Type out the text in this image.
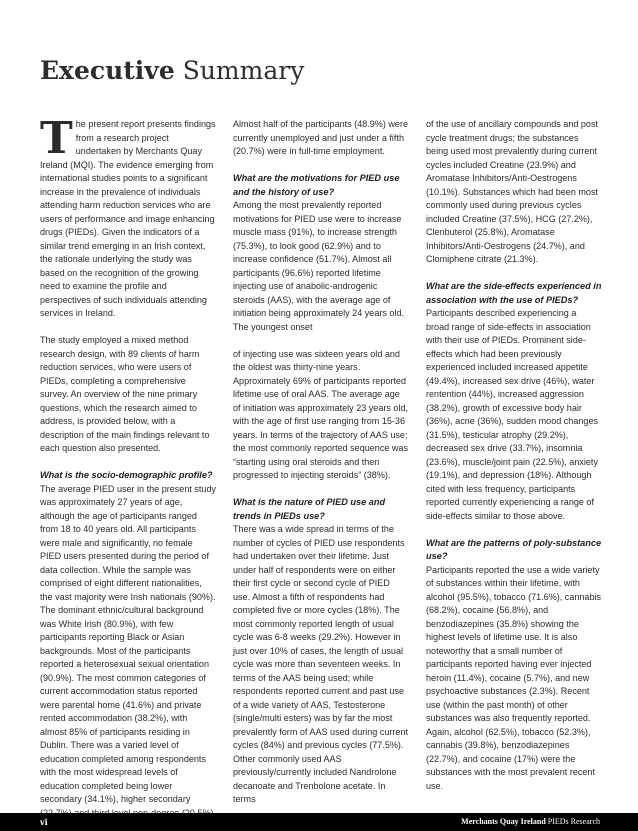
Executive Summary

The present report presents findings from a research project undertaken by Merchants Quay Ireland (MQI). The evidence emerging from international studies points to a significant increase in the prevalence of individuals attending harm reduction services who are users of performance and image enhancing drugs (PIEDs). Given the indicators of a similar trend emerging in an Irish context, the rationale underlying the study was based on the recognition of the growing need to examine the profile and perspectives of such individuals attending services in Ireland.

The study employed a mixed method research design, with 89 clients of harm reduction services, who were users of PIEDs, completing a comprehensive survey. An overview of the nine primary questions, which the research aimed to address, is provided below, with a description of the main findings relevant to each question also presented.

What is the socio-demographic profile?

The average PIED user in the present study was approximately 27 years of age, although the age of participants ranged from 18 to 40 years old. All participants were male and significantly, no female PIED users presented during the period of data collection. While the sample was comprised of eight different nationalities, the vast majority were Irish nationals (90%). The dominant ethnic/cultural background was White Irish (80.9%), with few participants reporting Black or Asian backgrounds. Most of the participants reported a heterosexual sexual orientation (90.9%). The most common categories of current accommodation status reported were parental home (41.6%) and private rented accommodation (38.2%), with almost 85% of participants residing in Dublin. There was a varied level of education completed among respondents with the most widespread levels of education completed being lower secondary (34.1%), higher secondary

Almost half of the participants (48.9%) were currently unemployed and just under a fifth (20.7%) were in full-time employment.

What are the motivations for PIED use and the history of use?

Among the most prevalently reported motivations for PIED use were to increase muscle mass (91%), to increase strength (75.3%), to look good (62.9%) and to increase confidence (51.7%). Almost all participants (96.6%) reported lifetime injecting use of anabolic-androgenic steroids (AAS), with the average age of initiation being approximately 24 years old. The youngest onset

of injecting use was sixteen years old and the oldest was thirty-nine years. Approximately 69% of participants reported lifetime use of oral AAS. The average age of initiation was approximately 23 years old, with the age of first use ranging from 15-36 years. In terms of the trajectory of AAS use; the most commonly reported sequence was “starting using oral steroids and then progressed to injecting steroids” (38%).

What is the nature of PIED use and trends in PIEDs use?

There was a wide spread in terms of the number of cycles of PIED use respondents had undertaken over their lifetime. Just under half of respondents were on either their first cycle or second cycle of PIED use. Almost a fifth of respondents had completed five or more cycles (18%). The most commonly reported length of usual cycle was 6-8 weeks (29.2%). However in just over 10% of cases, the length of usual cycle was more than seventeen weeks. In terms of the AAS being used; while respondents reported current and past use of a wide variety of AAS, Testosterone (single/multi esters) was by far the most prevalently form of AAS used during current cycles (84%) and previous cycles (77.5%). Other commonly used AAS previously/currently included Nandrolone decanoate and Trenbolone acetate. In terms

of the use of ancillary compounds and post cycle treatment drugs; the substances being used most prevalently during current cycles included Creatine (23.9%) and Aromatase Inhibitors/Anti-Oestrogens (10.1%). Substances which had been most commonly used during previous cycles included Creatine (37.5%), HCG (27.2%), Clenbuterol (25.8%), Aromatase Inhibitors/Anti-Oestrogens (24.7%), and Clomiphene citrate (21.3%).

What are the side-effects experienced in association with the use of PIEDs?

Participants described experiencing a broad range of side-effects in association with their use of PIEDs. Prominent side-effects which had been previously experienced included increased appetite (49.4%), increased sex drive (46%), water rentention (44%), increased aggression (38.2%), growth of excessive body hair (36%), acne (36%), sudden mood changes (31.5%), testicular atrophy (29.2%), decreased sex drive (33.7%), insomnia (23.6%), muscle/joint pain (22.5%), anxiety (19.1%), and depression (18%). Although cited with less frequency, participants reported currently experiencing a range of side-effects similar to those above.

What are the patterns of poly-substance use?

Participants reported the use a wide variety of substances within their lifetime, with alcohol (95.5%), tobacco (71.6%), cannabis (68.2%), cocaine (56.8%), and benzodiazepines (35.8%) showing the highest levels of lifetime use. It is also noteworthy that a small number of participants reported having ever injected heroin (11.4%), cocaine (5.7%), and new psychoactive substances (2.3%). Recent use (within the past month) of other substances was also frequently reported. Again, alcohol (62.5%), tobacco (52.3%), cannabis (39.8%), benzodiazepines (22.7%), and cocaine (17%) were the substances with the most prevalent recent use.

vi	Merchants Quay Ireland PIEDs Research
